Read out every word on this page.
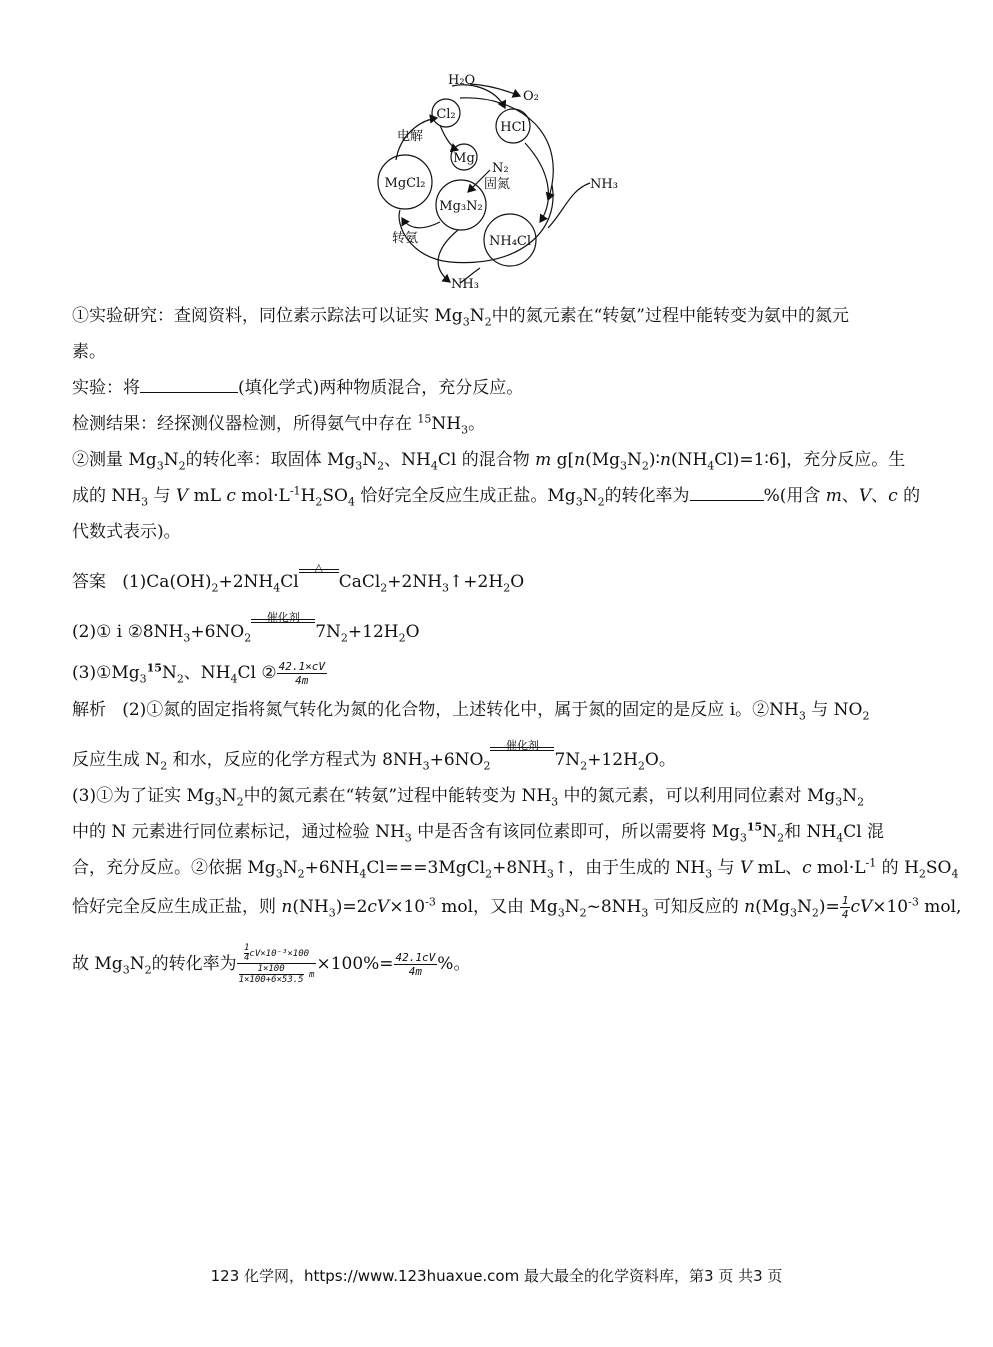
H₂O
O₂
Cl₂
HCl
电解
Mg
N₂
固氮	NH₃
MgCl₂
Mg₃N₂
NH₄Cl
转氨
NH₃
①实验研究：查阅资料，同位素示踪法可以证实 $Mg_3N_2$中的氮元素在“转氨”过程中能转变为氨中的氮元
素。
实验：将	(填化学式)两种物质混合，充分反应。
检测结果：经探测仪器检测，所得氨气中存在 $^{15}NH_3$。
②测量 $Mg_3N_2$的转化率：取固体 $Mg_3N_2$、$NH_4Cl$ 的混合物 m $g[n(Mg_3N_2)∶n(NH_4Cl)=1∶6]$，充分反应。生
成的 $NH_3$ 与 V mL c $mol\cdot L^{-1}H_2SO_4$ 恰好完全反应生成正盐。$Mg_3N_2$的转化率为	%(用含 m、V、c 的
代数式表示)。
答案 $(1)Ca(OH)_2+2NH_4Cl$
△

$CaCl_2+2NH_3↑+2H_2O$
(2)① ⅰ $②8NH_3+6NO_2$
催化剂

$7N_2+12H_2O$
$(3)①Mg_3^{15}N_2$、$NH_4Cl$ ② $\frac{42.1\times cV}{4m}$
解析 (2)①氮的固定指将氮气转化为氮的化合物，上述转化中，属于氮的固定的是反应 ⅰ。$②NH_3$ 与 $NO_2$
反应生成 $N_2$ 和水，反应的化学方程式为 $8NH_3+6NO_2$
催化剂

$7N_2+12H_2O$。
(3)①为了证实 $Mg_3N_2$中的氮元素在“转氨”过程中能转变为 $NH_3$ 中的氮元素，可以利用同位素对 $Mg_3N_2$
中的 N 元素进行同位素标记，通过检验 $NH_3$ 中是否含有该同位素即可，所以需要将 $Mg_3^{15}N_2$和 $NH_4Cl$ 混
合，充分反应。②依据 $Mg_3N_2+6NH_4Cl===3MgCl_2+8NH_3↑$，由于生成的 $NH_3$ 与 V mL、c $mol\cdot L^{-1}$ 的 $H_2SO_4$
恰好完全反应生成正盐，则 $n(NH_3)=2cV\times 10^{-3}$ mol，又由 $Mg_3N_2\sim 8NH_3$ 可知反应的 $n(Mg_3N_2)= \frac{1}{4} cV\times 10^{-3}$ mol,
故 $Mg_3N_2$的转化率为 $\frac{\frac{1}{4} cV\times 10^{-3}\times 100}{\frac{1\times 100}{1\times 100+6\times 53.5} m} \times 100\%= \frac{42.1cV}{4m}$ %。
123 化学网，https://www.123huaxue.com 最大最全的化学资料库，第3 页 共3 页
